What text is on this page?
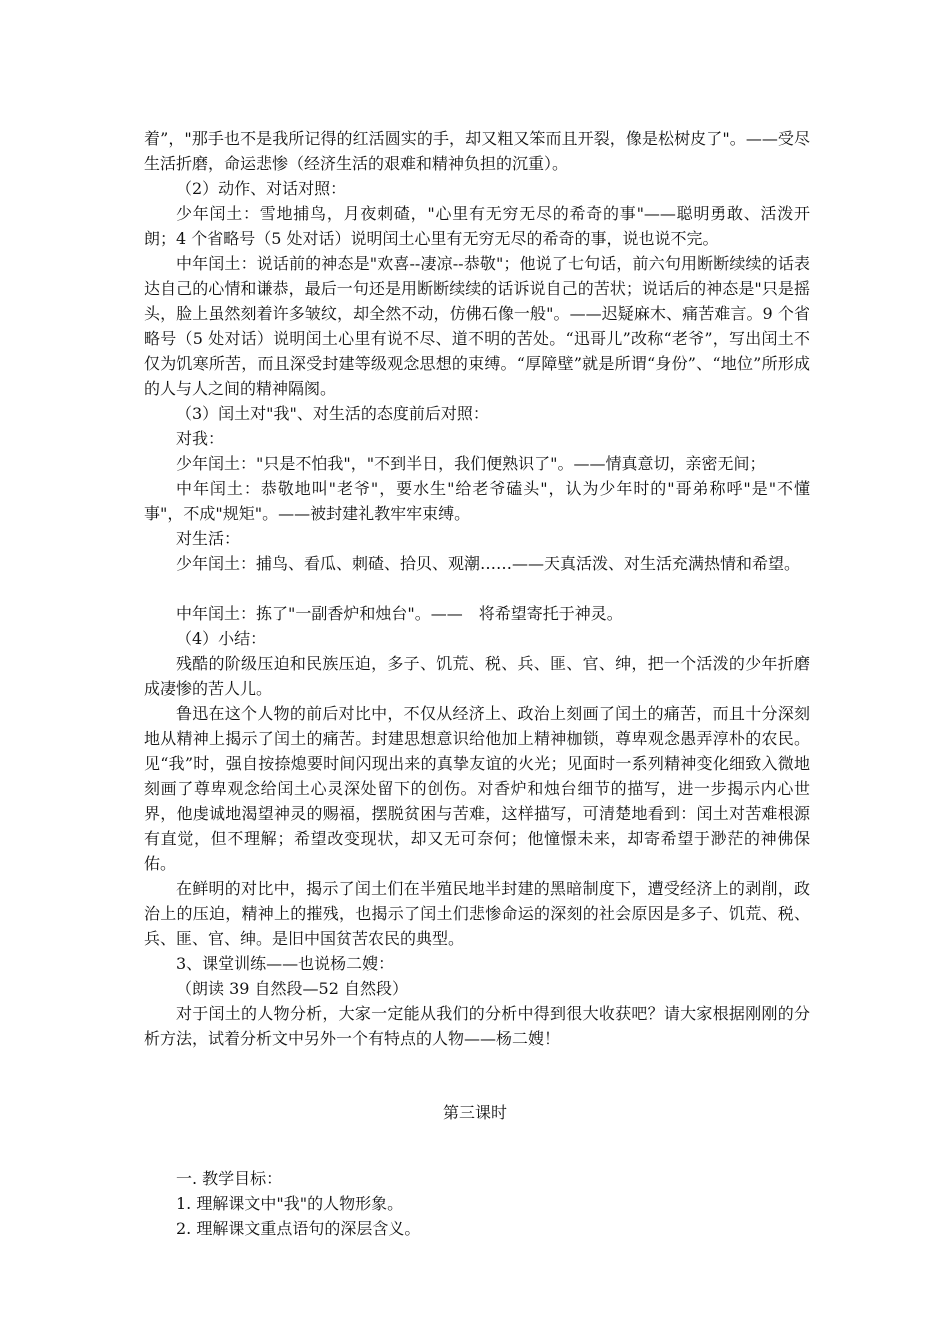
着”，"那手也不是我所记得的红活圆实的手，却又粗又笨而且开裂，像是松树皮了"。——受尽生活折磨，命运悲惨（经济生活的艰难和精神负担的沉重）。

（2）动作、对话对照：

少年闰土：雪地捕鸟，月夜刺碴，"心里有无穷无尽的希奇的事"——聪明勇敢、活泼开朗；4 个省略号（5 处对话）说明闰土心里有无穷无尽的希奇的事，说也说不完。

中年闰土：说话前的神态是"欢喜--凄凉--恭敬"；他说了七句话，前六句用断断续续的话表达自己的心情和谦恭，最后一句还是用断断续续的话诉说自己的苦状；说话后的神态是"只是摇头，脸上虽然刻着许多皱纹，却全然不动，仿佛石像一般"。——迟疑麻木、痛苦难言。9 个省略号（5 处对话）说明闰土心里有说不尽、道不明的苦处。“迅哥儿”改称“老爷”，写出闰土不仅为饥寒所苦，而且深受封建等级观念思想的束缚。“厚障壁”就是所谓“身份”、“地位”所形成的人与人之间的精神隔阂。

（3）闰土对"我"、对生活的态度前后对照：

对我：

少年闰土："只是不怕我"，"不到半日，我们便熟识了"。——情真意切，亲密无间；

中年闰土：恭敬地叫"老爷"，要水生"给老爷磕头"，认为少年时的"哥弟称呼"是"不懂事"，不成"规矩"。——被封建礼教牢牢束缚。

对生活：

少年闰土：捕鸟、看瓜、刺碴、拾贝、观潮……——天真活泼、对生活充满热情和希望。

中年闰土：拣了"一副香炉和烛台"。——　将希望寄托于神灵。

（4）小结：

残酷的阶级压迫和民族压迫，多子、饥荒、税、兵、匪、官、绅，把一个活泼的少年折磨成凄惨的苦人儿。

鲁迅在这个人物的前后对比中，不仅从经济上、政治上刻画了闰土的痛苦，而且十分深刻地从精神上揭示了闰土的痛苦。封建思想意识给他加上精神枷锁，尊卑观念愚弄淳朴的农民。见“我”时，强自按捺熄要时间闪现出来的真挚友谊的火光；见面时一系列精神变化细致入微地刻画了尊卑观念给闰土心灵深处留下的创伤。对香炉和烛台细节的描写，进一步揭示内心世界，他虔诚地渴望神灵的赐福，摆脱贫困与苦难，这样描写，可清楚地看到：闰土对苦难根源有直觉，但不理解；希望改变现状，却又无可奈何；他憧憬未来，却寄希望于渺茫的神佛保佑。

在鲜明的对比中，揭示了闰土们在半殖民地半封建的黑暗制度下，遭受经济上的剥削，政治上的压迫，精神上的摧残，也揭示了闰土们悲惨命运的深刻的社会原因是多子、饥荒、税、兵、匪、官、绅。是旧中国贫苦农民的典型。

3、课堂训练——也说杨二嫂：

（朗读 39 自然段—52 自然段）

对于闰土的人物分析，大家一定能从我们的分析中得到很大收获吧？请大家根据刚刚的分析方法，试着分析文中另外一个有特点的人物——杨二嫂！

第三课时

一. 教学目标：

1. 理解课文中"我"的人物形象。

2. 理解课文重点语句的深层含义。
